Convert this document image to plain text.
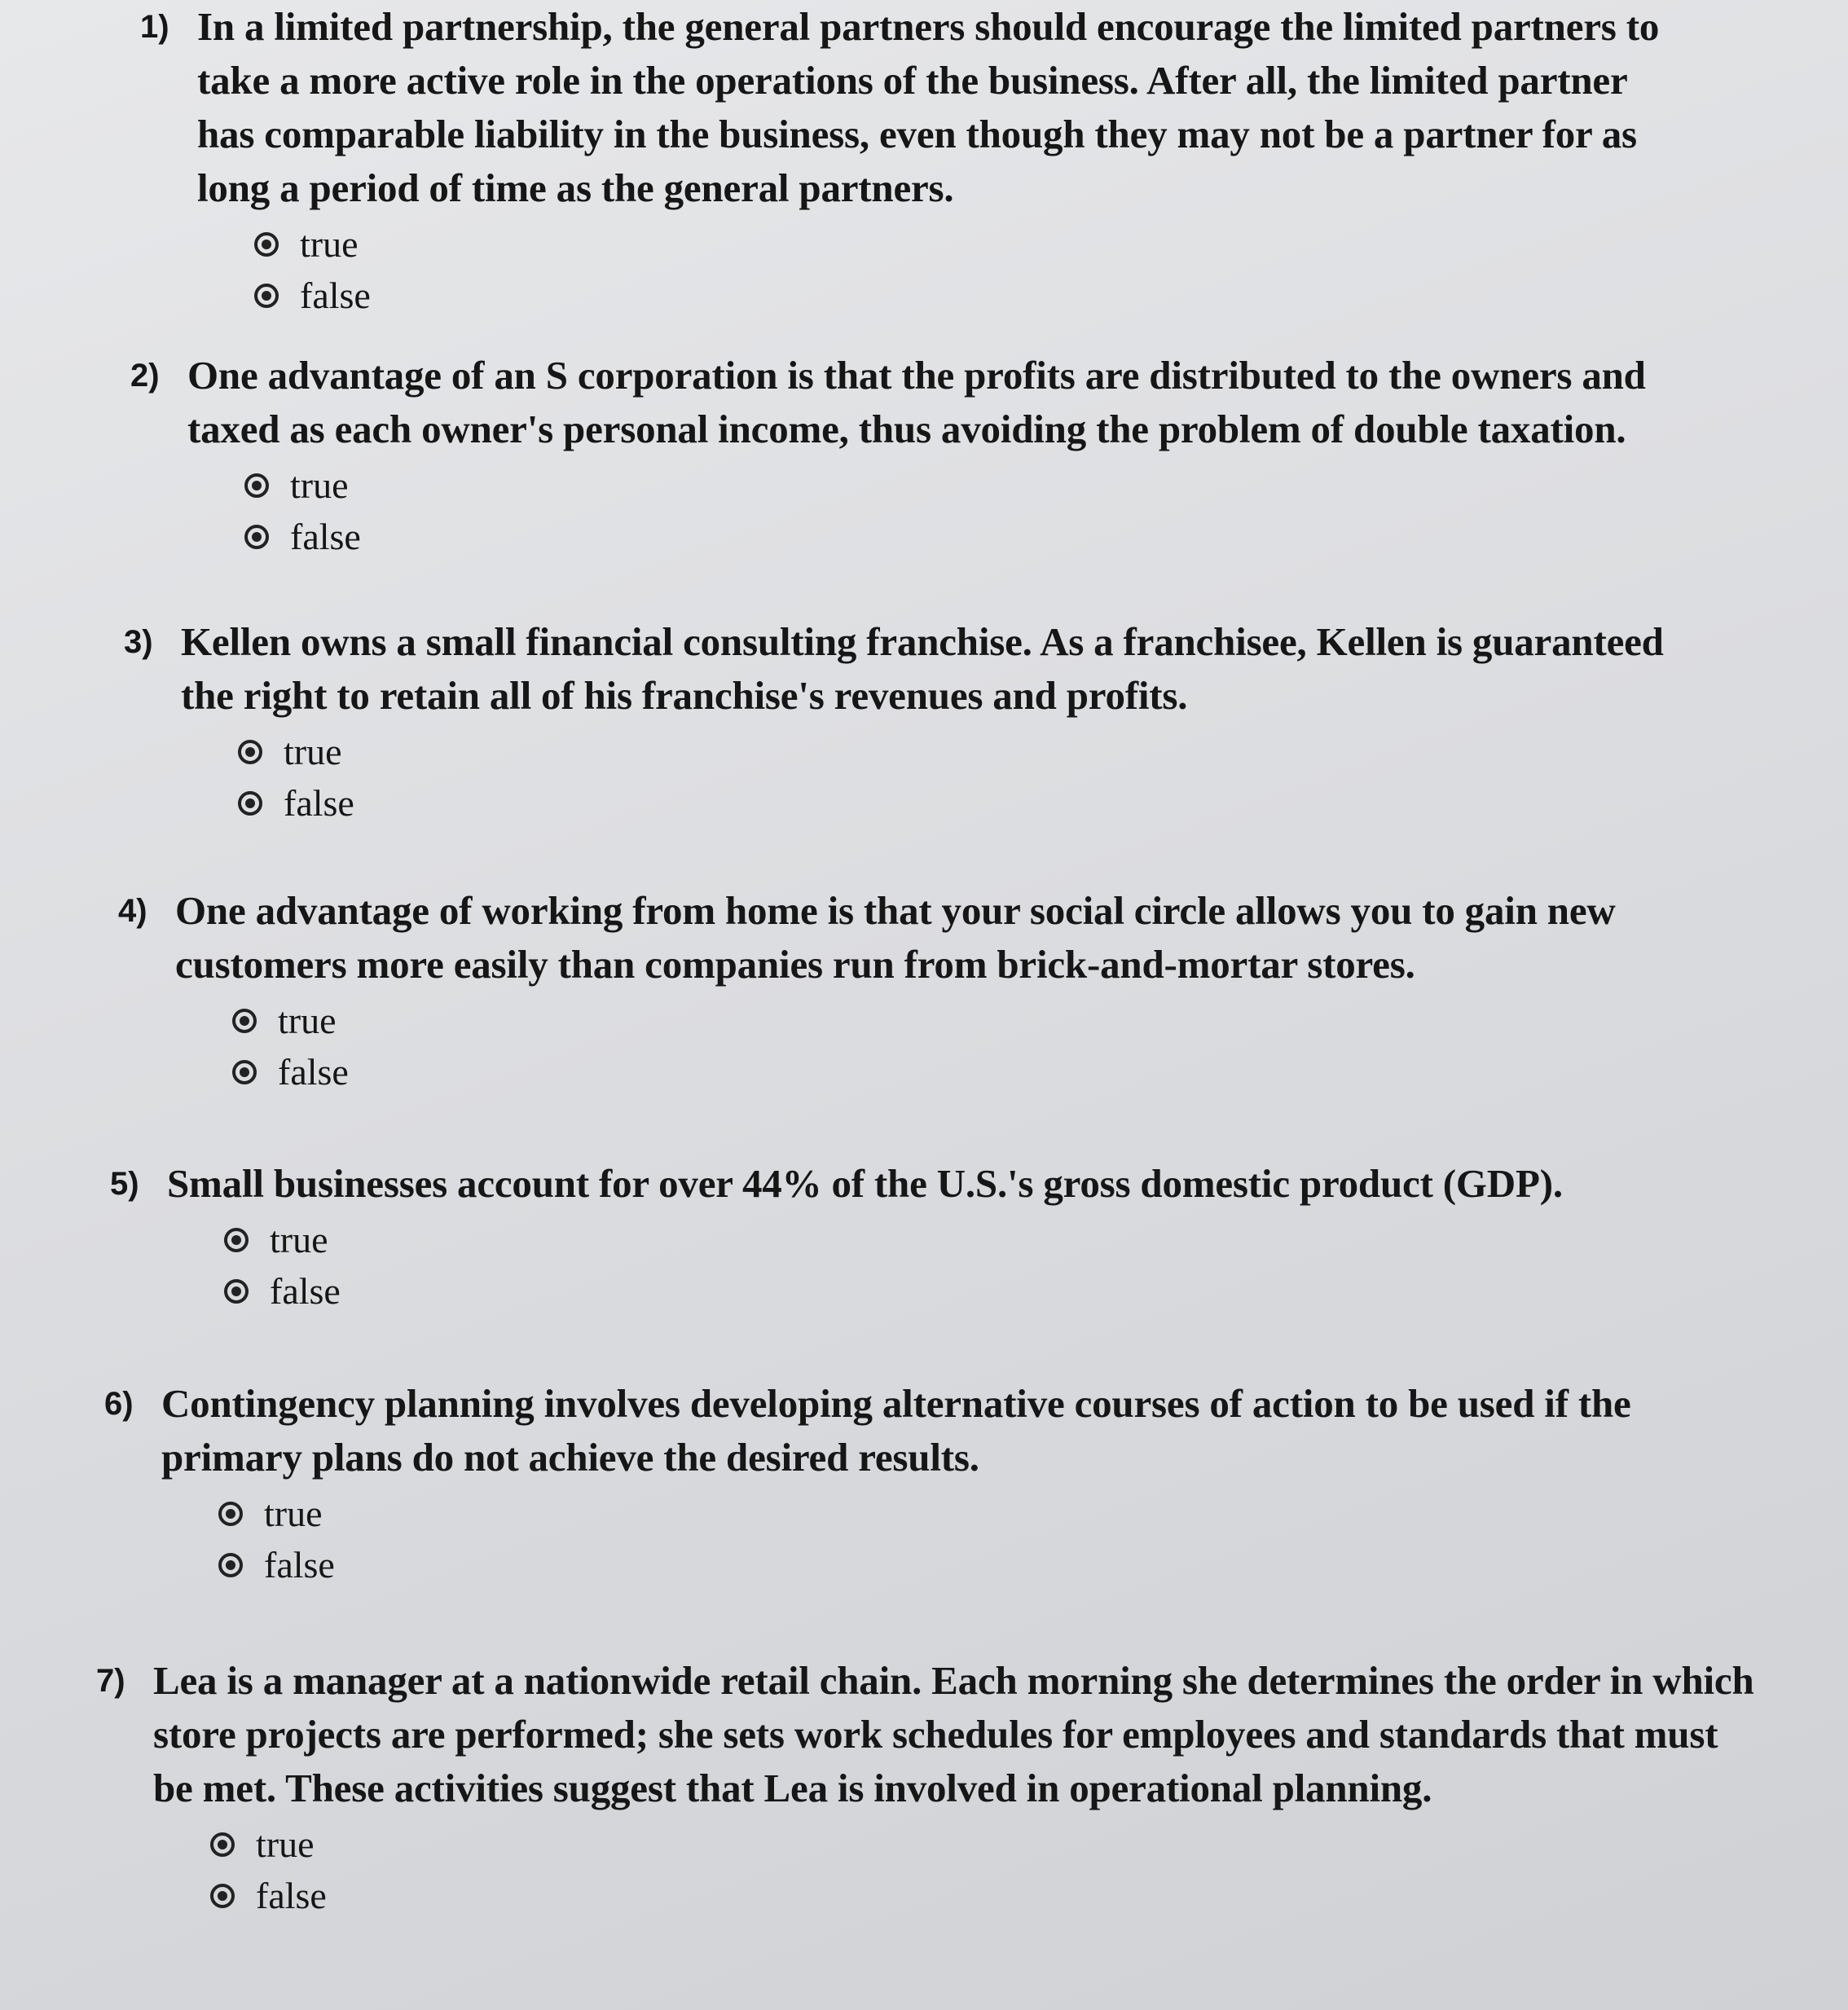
1) In a limited partnership, the general partners should encourage the limited partners to take a more active role in the operations of the business. After all, the limited partner has comparable liability in the business, even though they may not be a partner for as long a period of time as the general partners.
true
false
2) One advantage of an S corporation is that the profits are distributed to the owners and taxed as each owner's personal income, thus avoiding the problem of double taxation.
true
false
3) Kellen owns a small financial consulting franchise. As a franchisee, Kellen is guaranteed the right to retain all of his franchise's revenues and profits.
true
false
4) One advantage of working from home is that your social circle allows you to gain new customers more easily than companies run from brick-and-mortar stores.
true
false
5) Small businesses account for over 44% of the U.S.'s gross domestic product (GDP).
true
false
6) Contingency planning involves developing alternative courses of action to be used if the primary plans do not achieve the desired results.
true
false
7) Lea is a manager at a nationwide retail chain. Each morning she determines the order in which store projects are performed; she sets work schedules for employees and standards that must be met. These activities suggest that Lea is involved in operational planning.
true
false
